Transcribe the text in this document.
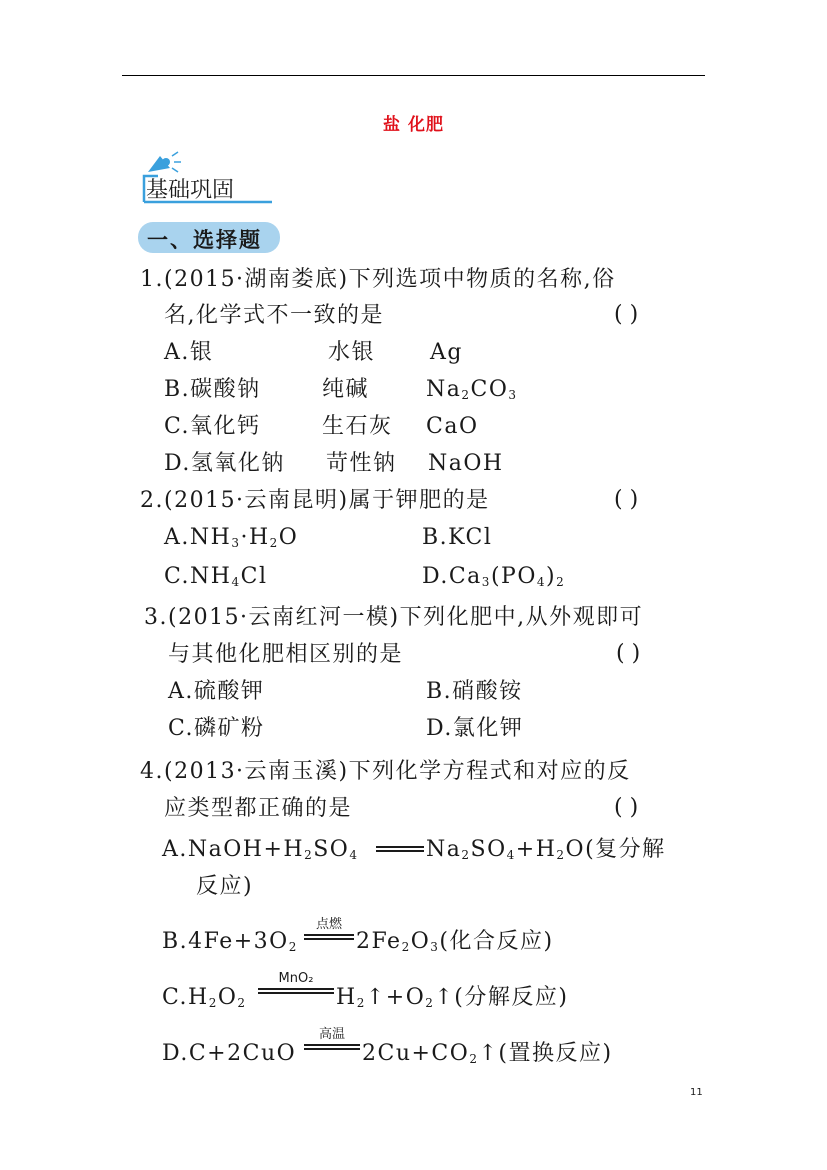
盐 化肥
基础巩固
一、选择题
1.(2015·湖南娄底)下列选项中物质的名称,俗
名,化学式不一致的是	( )
A.银	水银 Ag
B.碳酸钠	纯碱	$Na_2CO_3$
C.氧化钙	生石灰 CaO
D.氢氧化钠 苛性钠 NaOH
2.(2015·云南昆明)属于钾肥的是	( )
$A.NH_3\cdot H_2O$	B.KCl
$C.NH_4Cl$	$D.Ca_3(PO_4)_2$
3.(2015·云南红河一模)下列化肥中,从外观即可
与其他化肥相区别的是	( )
A.硫酸钾	B.硝酸铵
C.磷矿粉	D.氯化钾
4.(2013·云南玉溪)下列化学方程式和对应的反
应类型都正确的是	( )
$A.NaOH+H_2SO_4$	$Na_2SO_4+H_2O$(复分解
反应)
$B.4Fe+3O_2$
点燃
$2Fe_2O_3$(化合反应)
$C.H_2O_2$
MnO₂
$H_2↑+O_2↑$(分解反应)
D.C+2CuO
高温
$2Cu+CO_2↑$(置换反应)
11
